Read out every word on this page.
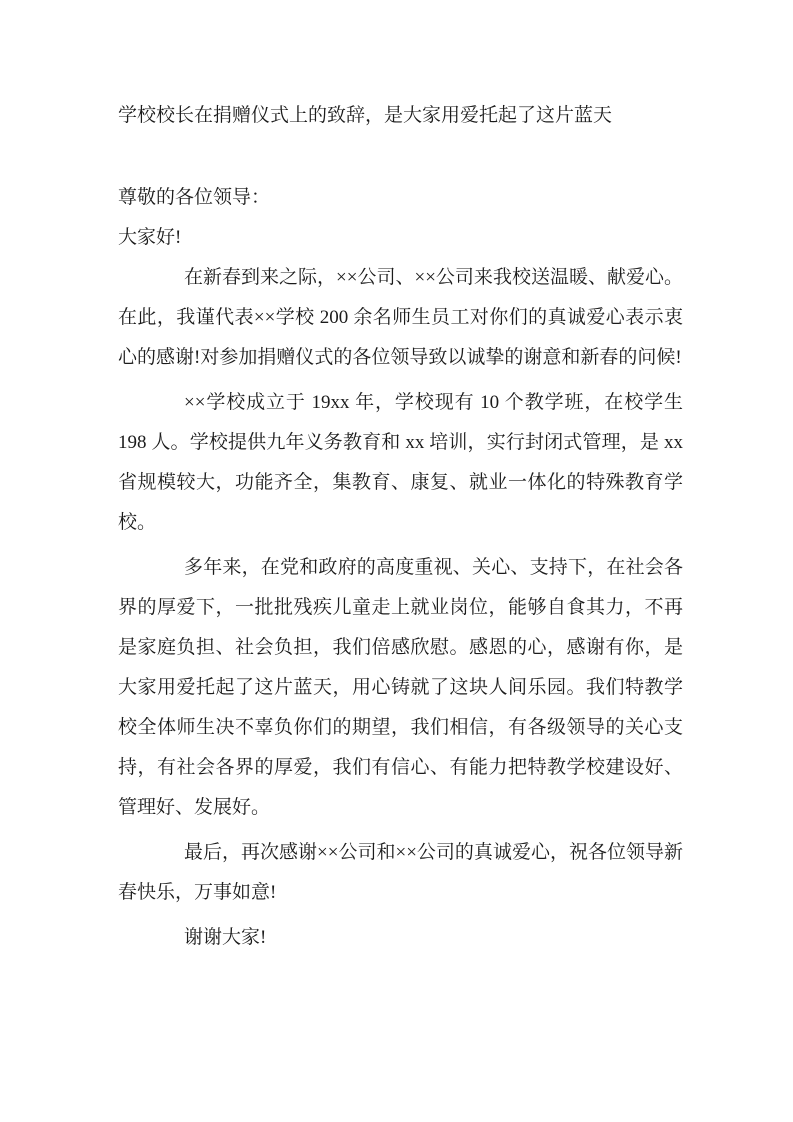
学校校长在捐赠仪式上的致辞，是大家用爱托起了这片蓝天

尊敬的各位领导：

大家好!

在新春到来之际，××公司、××公司来我校送温暖、献爱心。在此，我谨代表××学校 200 余名师生员工对你们的真诚爱心表示衷心的感谢!对参加捐赠仪式的各位领导致以诚挚的谢意和新春的问候!

××学校成立于 19xx 年，学校现有 10 个教学班，在校学生 198 人。学校提供九年义务教育和 xx 培训，实行封闭式管理，是 xx 省规模较大，功能齐全，集教育、康复、就业一体化的特殊教育学校。

多年来，在党和政府的高度重视、关心、支持下，在社会各界的厚爱下，一批批残疾儿童走上就业岗位，能够自食其力，不再是家庭负担、社会负担，我们倍感欣慰。感恩的心，感谢有你，是大家用爱托起了这片蓝天，用心铸就了这块人间乐园。我们特教学校全体师生决不辜负你们的期望，我们相信，有各级领导的关心支持，有社会各界的厚爱，我们有信心、有能力把特教学校建设好、管理好、发展好。

最后，再次感谢××公司和××公司的真诚爱心，祝各位领导新春快乐，万事如意!

谢谢大家!
